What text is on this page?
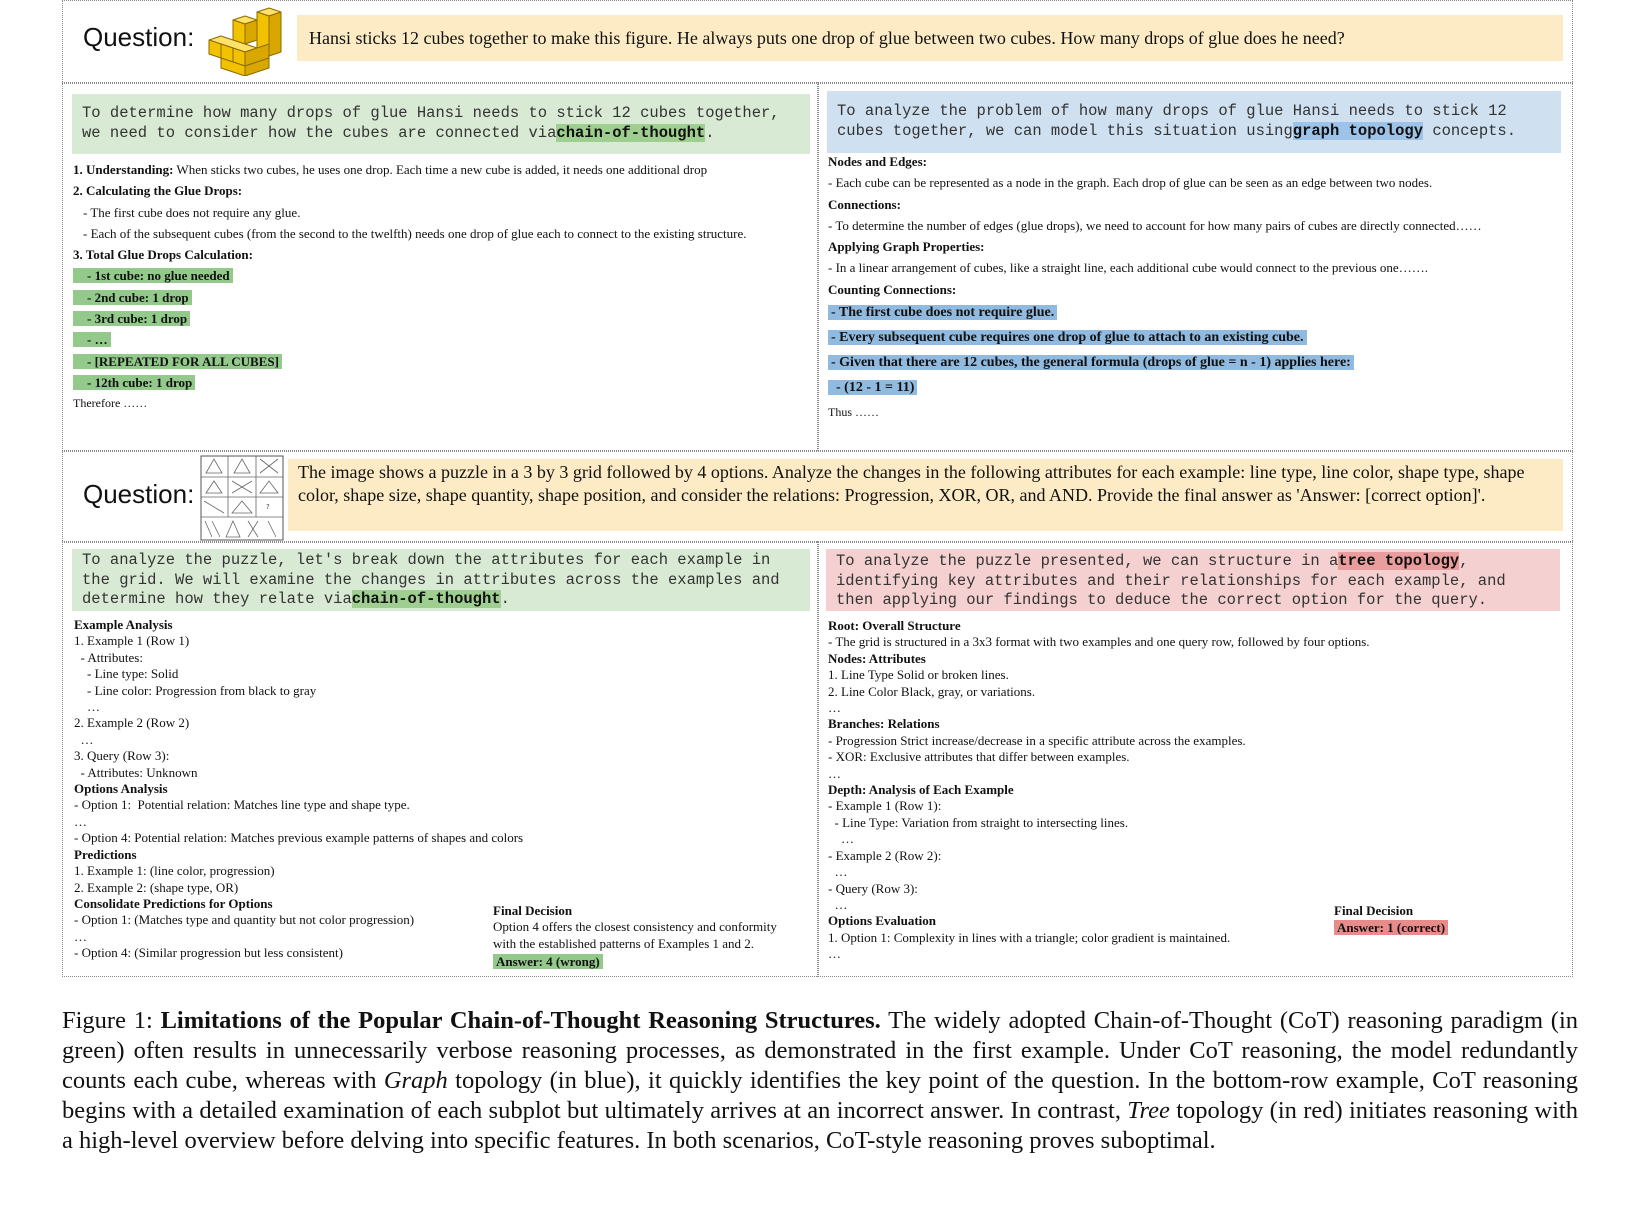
Question:	Hansi sticks 12 cubes together to make this figure. He always puts one drop of glue between two cubes. How many drops of glue does he need?
To determine how many drops of glue Hansi needs to stick 12 cubes together, we need to consider how the cubes are connected viachain-of-thought.
1. Understanding: When sticks two cubes, he uses one drop. Each time a new cube is added, it needs one additional drop
2. Calculating the Glue Drops:
- The first cube does not require any glue.
- Each of the subsequent cubes (from the second to the twelfth) needs one drop of glue each to connect to the existing structure.
3. Total Glue Drops Calculation:
- 1st cube: no glue needed
- 2nd cube: 1 drop
- 3rd cube: 1 drop
- …
- [REPEATED FOR ALL CUBES]
- 12th cube: 1 drop
Therefore ……
To analyze the problem of how many drops of glue Hansi needs to stick 12 cubes together, we can model this situation usinggraph topology concepts.
Nodes and Edges:
- Each cube can be represented as a node in the graph. Each drop of glue can be seen as an edge between two nodes.
Connections:
- To determine the number of edges (glue drops), we need to account for how many pairs of cubes are directly connected……
Applying Graph Properties:
- In a linear arrangement of cubes, like a straight line, each additional cube would connect to the previous one…….
Counting Connections:
- The first cube does not require glue.
- Every subsequent cube requires one drop of glue to attach to an existing cube.
- Given that there are 12 cubes, the general formula (drops of glue = n - 1) applies here:
- (12 - 1 = 11)
Thus ……
Question:	?
The image shows a puzzle in a 3 by 3 grid followed by 4 options. Analyze the changes in the following attributes for each example: line type, line color, shape type, shape color, shape size, shape quantity, shape position, and consider the relations: Progression, XOR, OR, and AND. Provide the final answer as 'Answer: [correct option]'.
To analyze the puzzle, let's break down the attributes for each example in the grid. We will examine the changes in attributes across the examples and determine how they relate viachain-of-thought.
Example Analysis
1. Example 1 (Row 1)
- Attributes:
- Line type: Solid
- Line color: Progression from black to gray
…
2. Example 2 (Row 2)
…
3. Query (Row 3):
- Attributes: Unknown
Options Analysis
- Option 1:  Potential relation: Matches line type and shape type.
…
- Option 4: Potential relation: Matches previous example patterns of shapes and colors
Predictions
1. Example 1: (line color, progression)
2. Example 2: (shape type, OR)
Consolidate Predictions for Options
- Option 1: (Matches type and quantity but not color progression)
…
- Option 4: (Similar progression but less consistent)
Final Decision
Option 4 offers the closest consistency and conformity
with the established patterns of Examples 1 and 2.
Answer: 4 (wrong)
To analyze the puzzle presented, we can structure in atree topology, identifying key attributes and their relationships for each example, and then applying our findings to deduce the correct option for the query.
Root: Overall Structure
- The grid is structured in a 3x3 format with two examples and one query row, followed by four options.
Nodes: Attributes
1. Line Type Solid or broken lines.
2. Line Color Black, gray, or variations.
…
Branches: Relations
- Progression Strict increase/decrease in a specific attribute across the examples.
- XOR: Exclusive attributes that differ between examples.
…
Depth: Analysis of Each Example
- Example 1 (Row 1):
- Line Type: Variation from straight to intersecting lines.
…
- Example 2 (Row 2):
…
- Query (Row 3):
…
Options Evaluation
1. Option 1: Complexity in lines with a triangle; color gradient is maintained.
…
Final Decision
Answer: 1 (correct)
Figure 1: Limitations of the Popular Chain-of-Thought Reasoning Structures. The widely adopted Chain-of-Thought (CoT) reasoning paradigm (in green) often results in unnecessarily verbose reasoning processes, as demonstrated in the first example. Under CoT reasoning, the model redundantly counts each cube, whereas with Graph topology (in blue), it quickly identifies the key point of the question. In the bottom-row example, CoT reasoning begins with a detailed examination of each subplot but ultimately arrives at an incorrect answer. In contrast, Tree topology (in red) initiates reasoning with a high-level overview before delving into specific features. In both scenarios, CoT-style reasoning proves suboptimal.
